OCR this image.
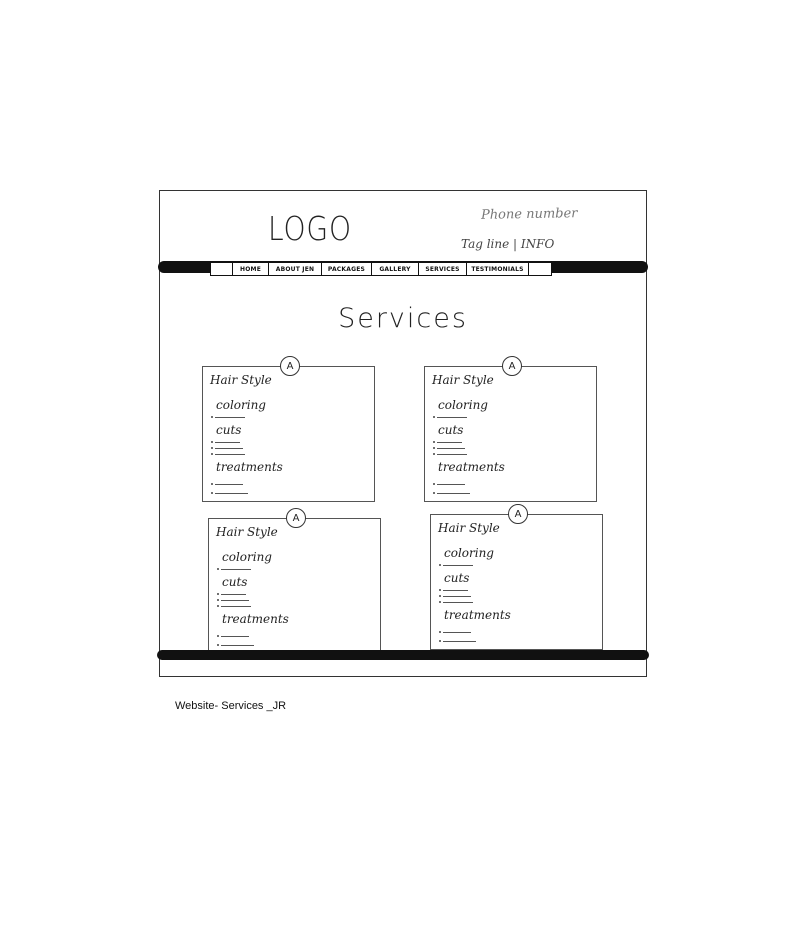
LOGO	Phone number
Tag line | INFO
HOME	ABOUT JEN	PACKAGES	GALLERY	SERVICES	TESTIMONIALS
Services
A
Hair Style
coloring
cuts
treatments
A
Hair Style
coloring
cuts
treatments
A
Hair Style
coloring
cuts
treatments
A
Hair Style
coloring
cuts
treatments
Website- Services _JR
